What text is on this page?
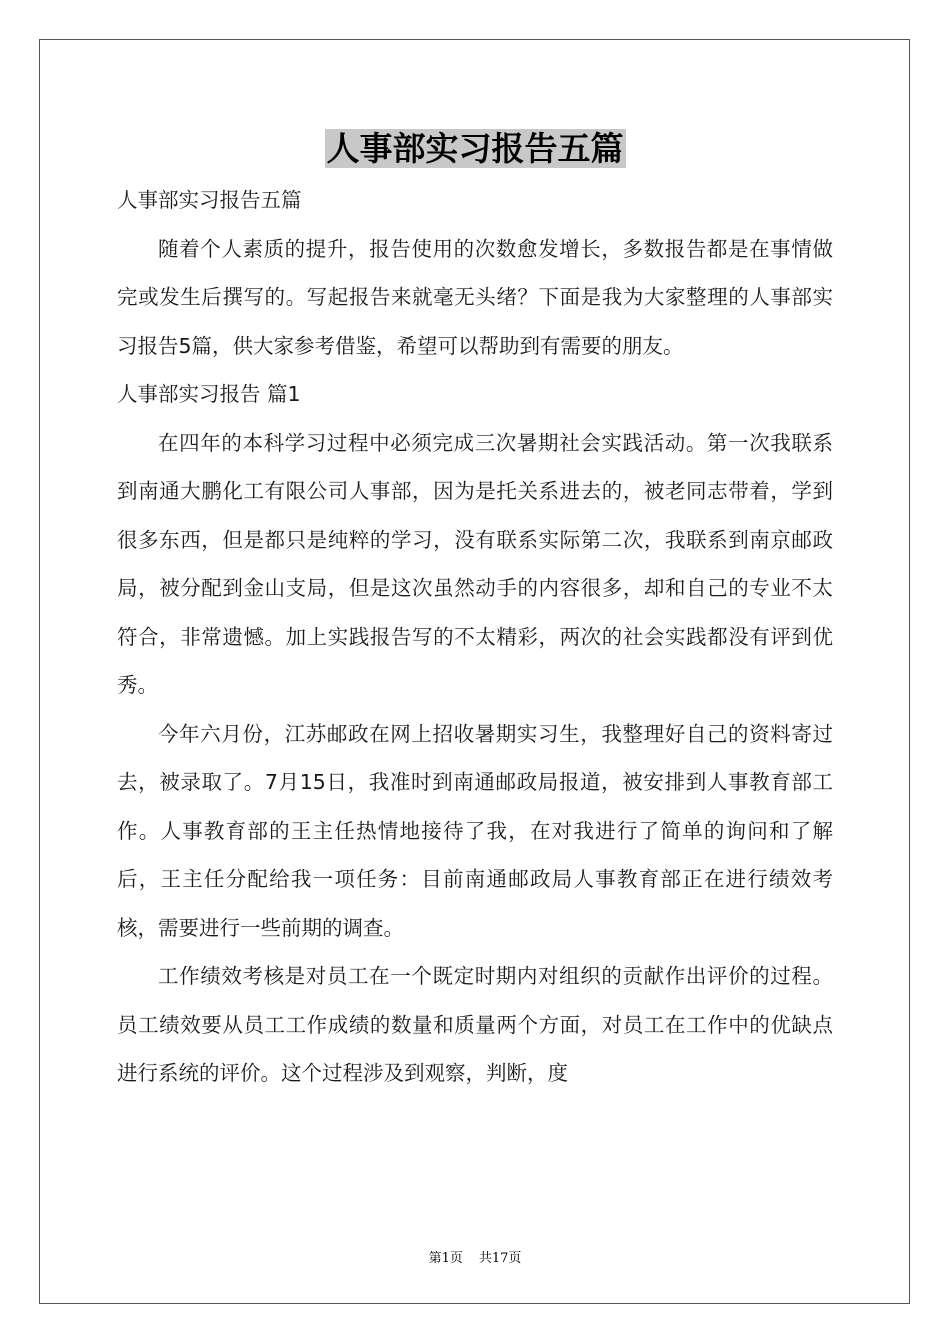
人事部实习报告五篇

人事部实习报告五篇

随着个人素质的提升，报告使用的次数愈发增长，多数报告都是在事情做完或发生后撰写的。写起报告来就毫无头绪？下面是我为大家整理的人事部实习报告5篇，供大家参考借鉴，希望可以帮助到有需要的朋友。

人事部实习报告 篇1

在四年的本科学习过程中必须完成三次暑期社会实践活动。第一次我联系到南通大鹏化工有限公司人事部，因为是托关系进去的，被老同志带着，学到很多东西，但是都只是纯粹的学习，没有联系实际第二次，我联系到南京邮政局，被分配到金山支局，但是这次虽然动手的内容很多，却和自己的专业不太符合，非常遗憾。加上实践报告写的不太精彩，两次的社会实践都没有评到优秀。

今年六月份，江苏邮政在网上招收暑期实习生，我整理好自己的资料寄过去，被录取了。7月15日，我准时到南通邮政局报道，被安排到人事教育部工作。人事教育部的王主任热情地接待了我，在对我进行了简单的询问和了解后，王主任分配给我一项任务：目前南通邮政局人事教育部正在进行绩效考核，需要进行一些前期的调查。

工作绩效考核是对员工在一个既定时期内对组织的贡献作出评价的过程。员工绩效要从员工工作成绩的数量和质量两个方面，对员工在工作中的优缺点进行系统的评价。这个过程涉及到观察，判断，度

第1页 共17页
